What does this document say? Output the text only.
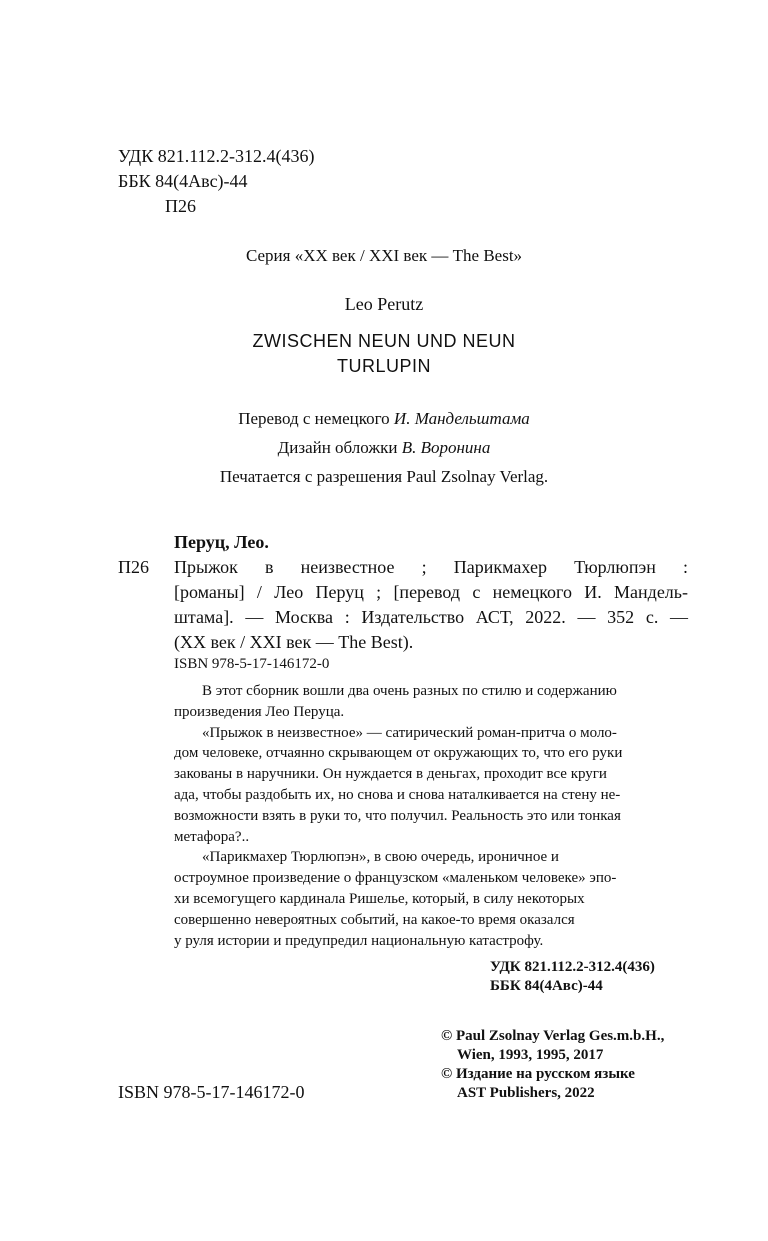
УДК 821.112.2-312.4(436)
ББК 84(4Авс)-44
П26
Серия «XX век / XXI век — The Best»
Leo Perutz
ZWISCHEN NEUN UND NEUN
TURLUPIN
Перевод с немецкого И. Мандельштама
Дизайн обложки В. Воронина
Печатается с разрешения Paul Zsolnay Verlag.
Перуц, Лео.
П26 Прыжок в неизвестное ; Парикмахер Тюрлюпэн :
[романы] / Лео Перуц ; [перевод с немецкого И. Мандель-
штама]. — Москва : Издательство АСТ, 2022. — 352 с. —
(XX век / XXI век — The Best).
ISBN 978-5-17-146172-0

В этот сборник вошли два очень разных по стилю и содержанию

произведения Лео Перуца.

«Прыжок в неизвестное» — сатирический роман-притча о моло-

дом человеке, отчаянно скрывающем от окружающих то, что его руки

закованы в наручники. Он нуждается в деньгах, проходит все круги

ада, чтобы раздобыть их, но снова и снова наталкивается на стену не-

возможности взять в руки то, что получил. Реальность это или тонкая

метафора?..

«Парикмахер Тюрлюпэн», в свою очередь, ироничное и

остроумное произведение о французском «маленьком человеке» эпо-

хи всемогущего кардинала Ришелье, который, в силу некоторых

совершенно невероятных событий, на какое-то время оказался

у руля истории и предупредил национальную катастрофу.

УДК 821.112.2-312.4(436)
ББК 84(4Авс)-44
© Paul Zsolnay Verlag Ges.m.b.H.,
Wien, 1993, 1995, 2017
© Издание на русском языке
AST Publishers, 2022
ISBN 978-5-17-146172-0
